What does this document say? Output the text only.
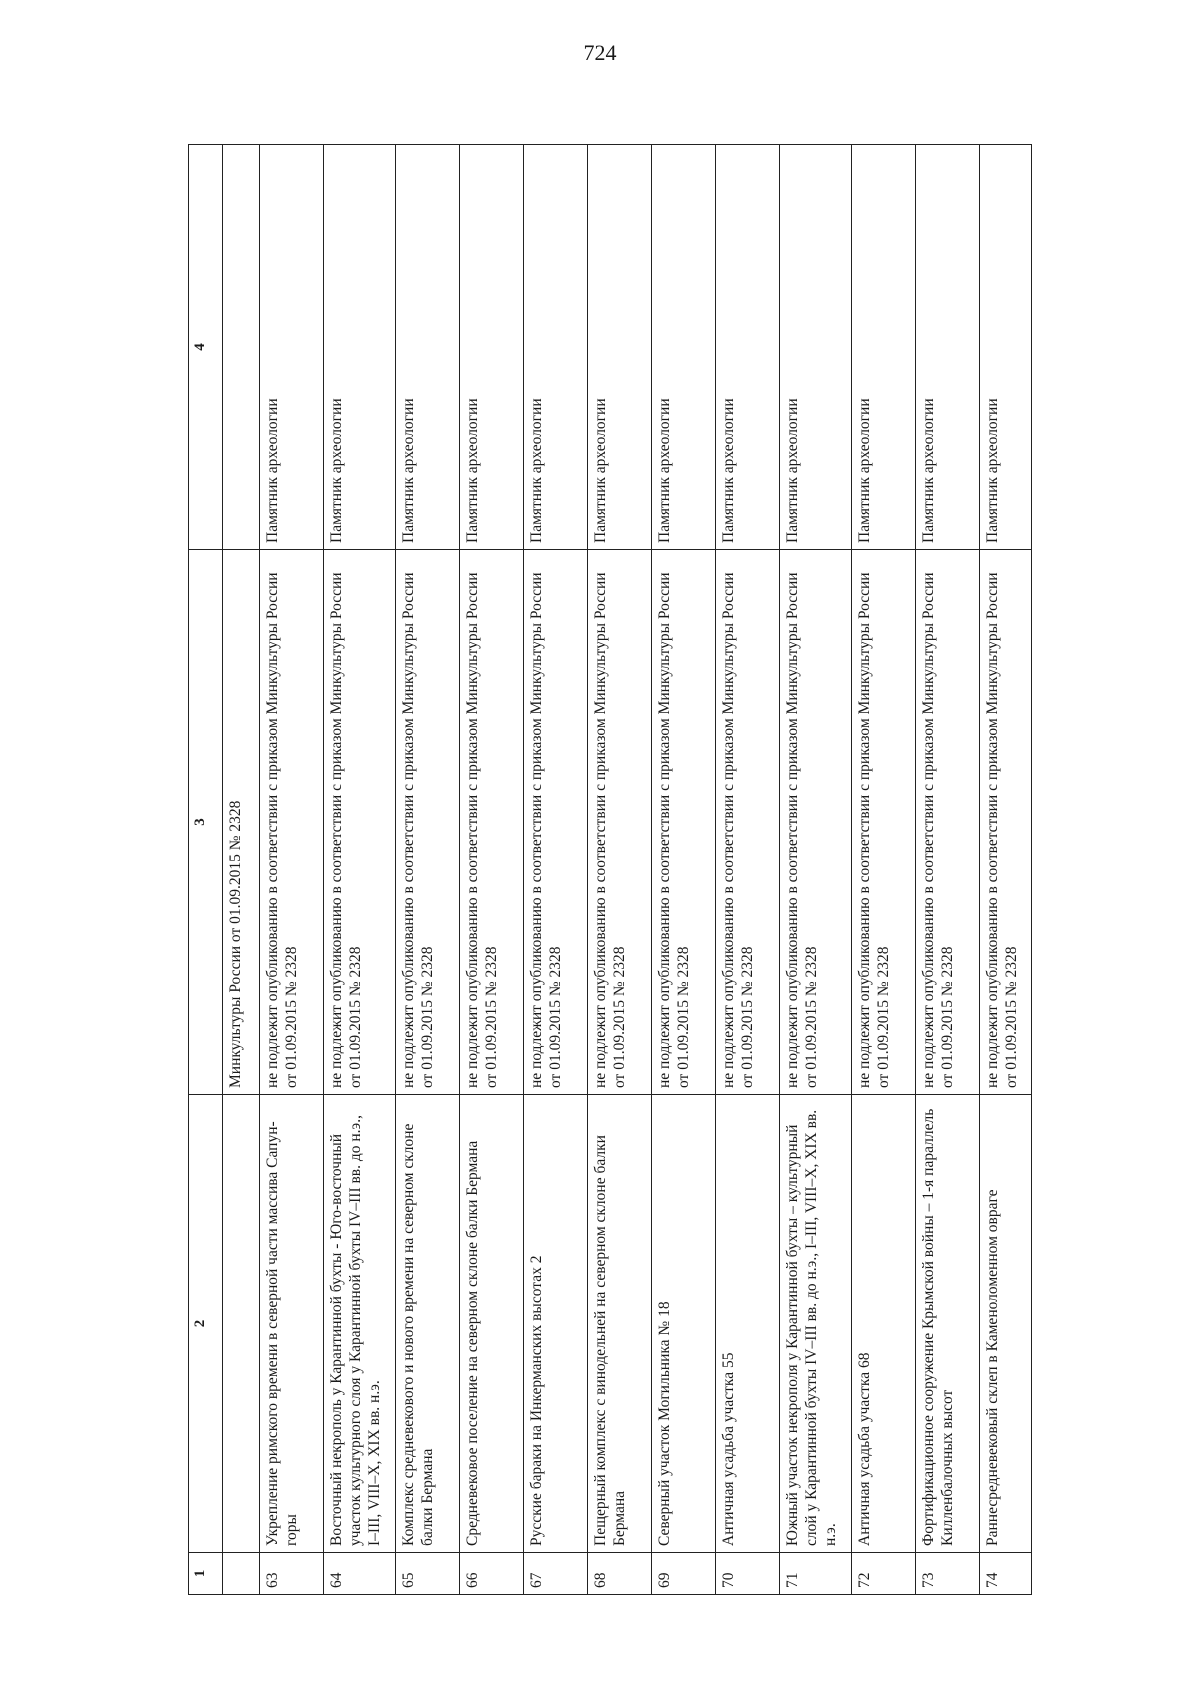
724
1	2	3	4
		Минкультуры России от 01.09.2015 № 2328	
63	Укрепление римского времени в северной части массива Сапун-горы	не подлежит опубликованию в соответствии с приказом Минкультуры России от 01.09.2015 № 2328	Памятник археологии
64	Восточный некрополь у Карантинной бухты - Юго-восточный участок культурного слоя у Карантинной бухты IV–III вв. до н.э., I–III, VIII–X, XIX вв. н.э.	не подлежит опубликованию в соответствии с приказом Минкультуры России от 01.09.2015 № 2328	Памятник археологии
65	Комплекс средневекового и нового времени на северном склоне балки Бермана	не подлежит опубликованию в соответствии с приказом Минкультуры России от 01.09.2015 № 2328	Памятник археологии
66	Средневековое поселение на северном склоне балки Бермана	не подлежит опубликованию в соответствии с приказом Минкультуры России от 01.09.2015 № 2328	Памятник археологии
67	Русские бараки на Инкерманских высотах 2	не подлежит опубликованию в соответствии с приказом Минкультуры России от 01.09.2015 № 2328	Памятник археологии
68	Пещерный комплекс с винодельней на северном склоне балки Бермана	не подлежит опубликованию в соответствии с приказом Минкультуры России от 01.09.2015 № 2328	Памятник археологии
69	Северный участок Могильника № 18	не подлежит опубликованию в соответствии с приказом Минкультуры России от 01.09.2015 № 2328	Памятник археологии
70	Античная усадьба участка 55	не подлежит опубликованию в соответствии с приказом Минкультуры России от 01.09.2015 № 2328	Памятник археологии
71	Южный участок некрополя у Карантинной бухты – культурный слой у Карантинной бухты IV–III вв. до н.э., I–III, VIII–X, XIX вв. н.э.	не подлежит опубликованию в соответствии с приказом Минкультуры России от 01.09.2015 № 2328	Памятник археологии
72	Античная усадьба участка 68	не подлежит опубликованию в соответствии с приказом Минкультуры России от 01.09.2015 № 2328	Памятник археологии
73	Фортификационное сооружение Крымской войны – 1-я параллель Килленбалочных высот	не подлежит опубликованию в соответствии с приказом Минкультуры России от 01.09.2015 № 2328	Памятник археологии
74	Раннесредневековый склеп в Каменоломенном овраге	не подлежит опубликованию в соответствии с приказом Минкультуры России от 01.09.2015 № 2328	Памятник археологии
